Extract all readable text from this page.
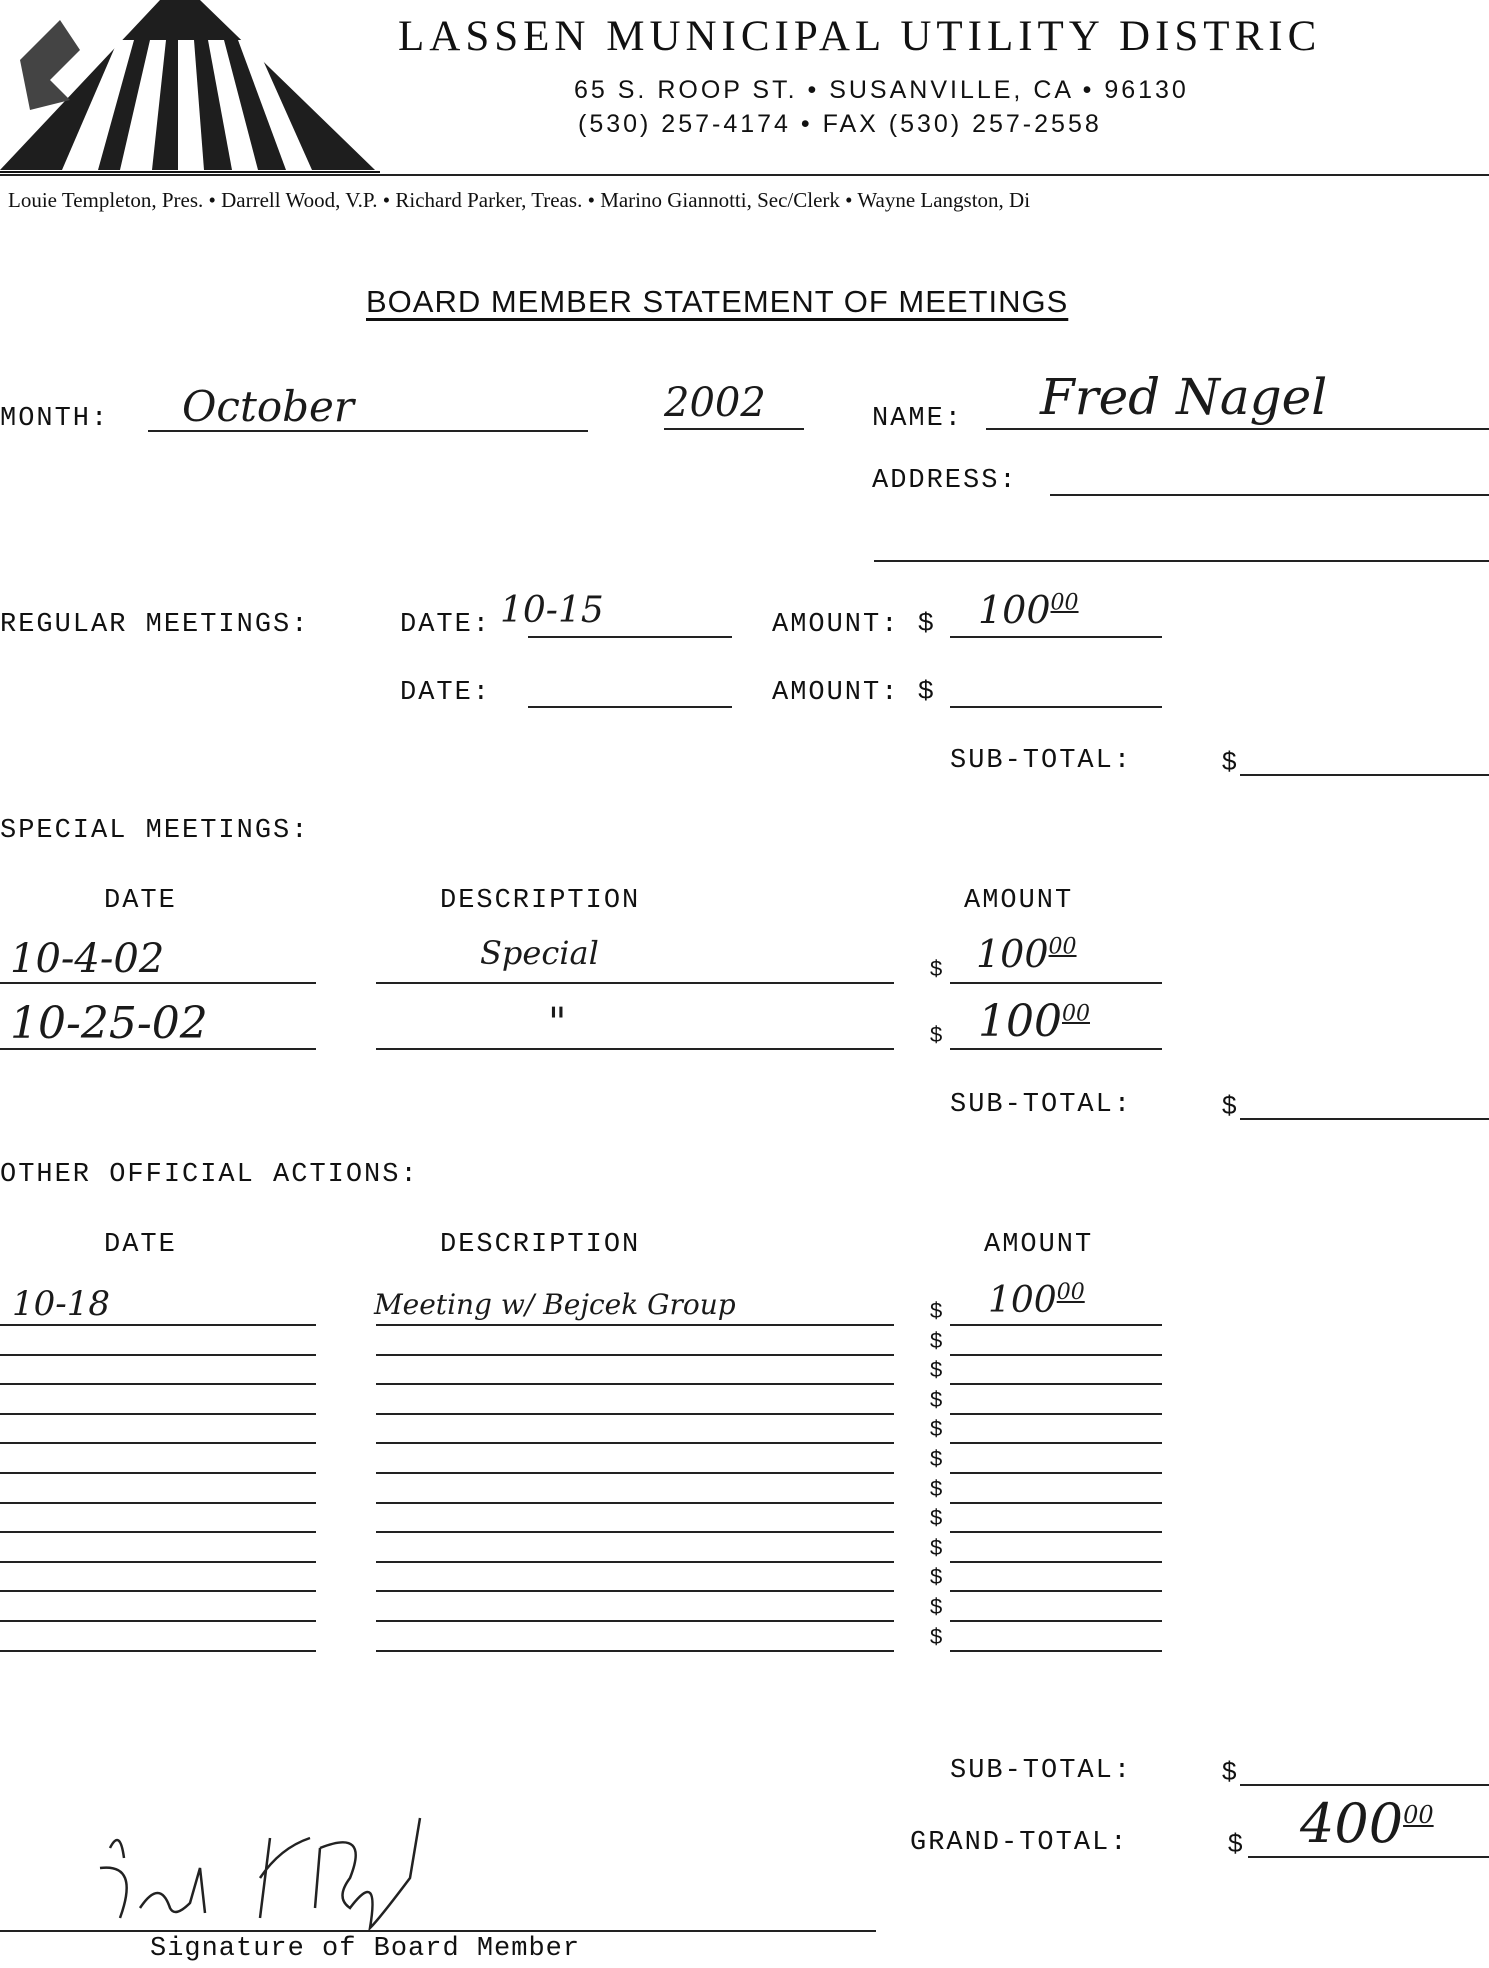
LASSEN MUNICIPAL UTILITY DISTRIC
65 S. ROOP ST. • SUSANVILLE, CA • 96130
(530) 257-4174 • FAX (530) 257-2558
Louie Templeton, Pres. • Darrell Wood, V.P. • Richard Parker, Treas. • Marino Giannotti, Sec/Clerk • Wayne Langston, Di
BOARD MEMBER STATEMENT OF MEETINGS
MONTH: October	2002	NAME: Fred Nagel
ADDRESS:
REGULAR MEETINGS:	DATE: 10-15	AMOUNT: $ $100^{00}$
DATE:	AMOUNT: $
SUB-TOTAL:	$
SPECIAL MEETINGS:
DATE	DESCRIPTION	AMOUNT
10-4-02	Special	$ $100^{00}$
10-25-02	"	$ $100^{00}$
SUB-TOTAL:	$
OTHER OFFICIAL ACTIONS:
DATE	DESCRIPTION	AMOUNT
10-18	Meeting w/ Bejcek Group	$100^{00}$
$
$
$
$
$
$
$
$
$
$
$
$
SUB-TOTAL:	$
GRAND-TOTAL:	$ $400^{00}$
Signature of Board Member
